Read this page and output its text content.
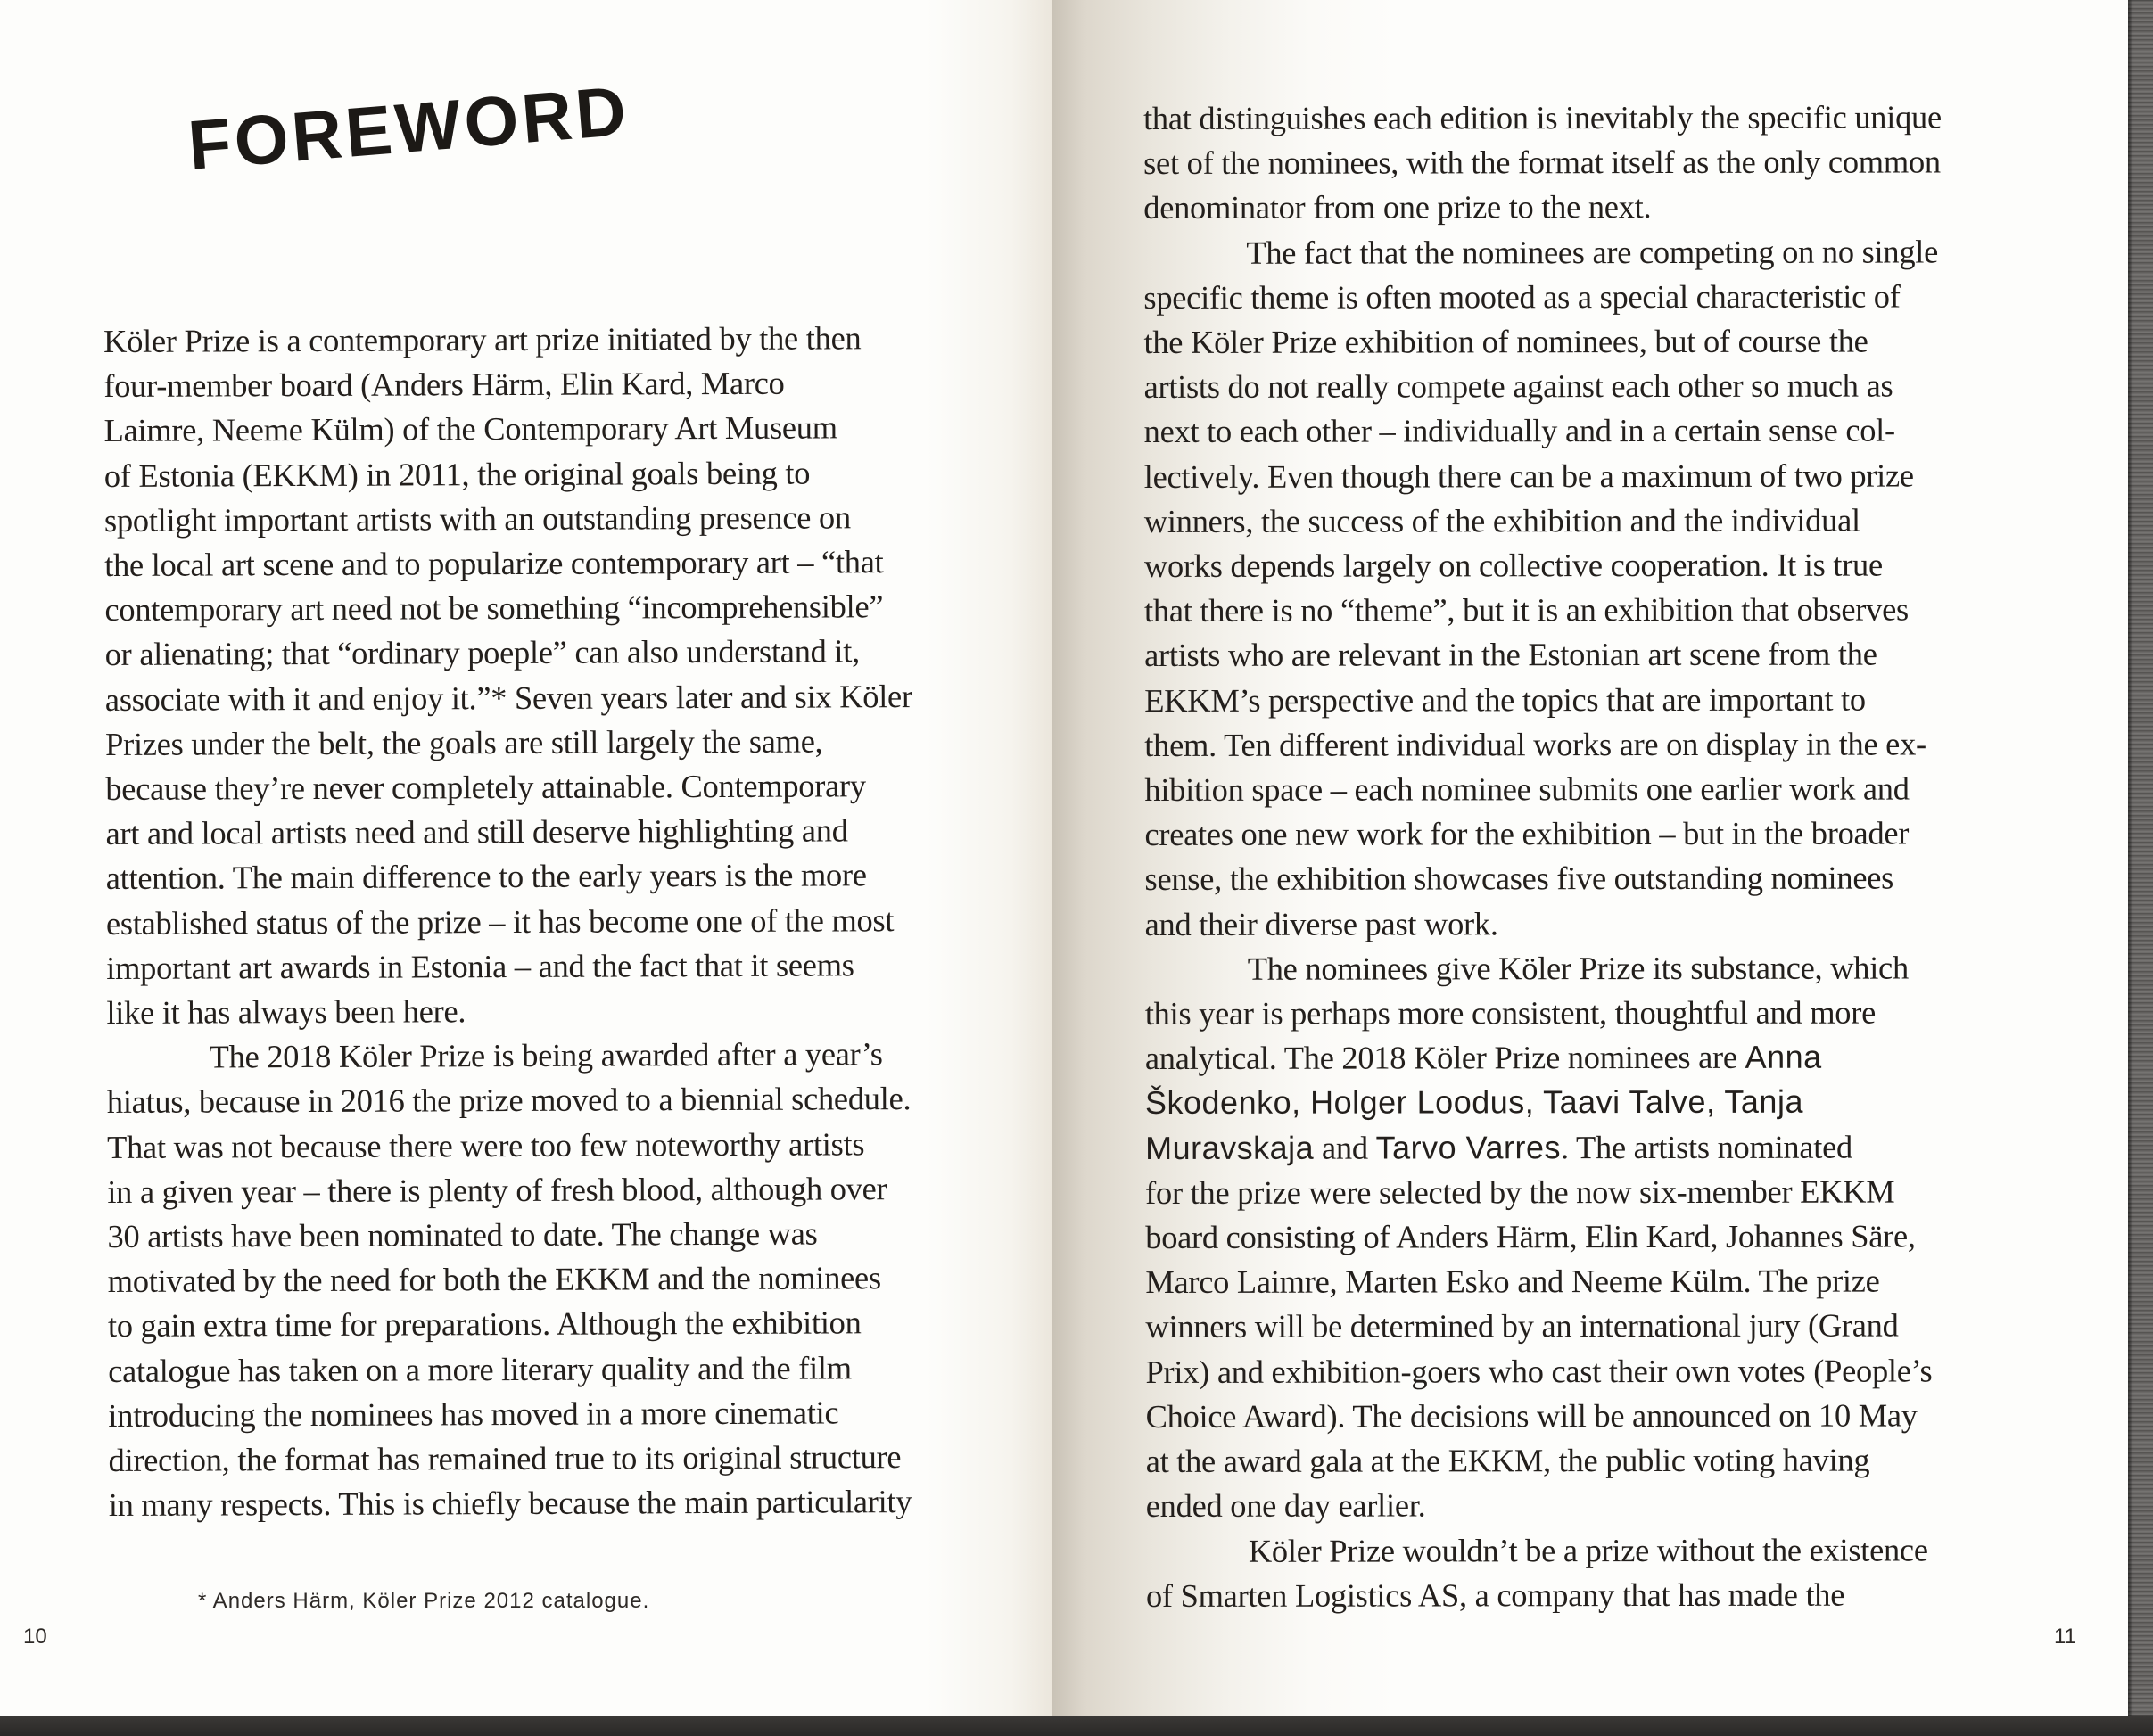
FOREWORD
Köler Prize is a contemporary art prize initiated by the then
four-member board (Anders Härm, Elin Kard, Marco
Laimre, Neeme Külm) of the Contemporary Art Museum
of Estonia (EKKM) in 2011, the original goals being to
spotlight important artists with an outstanding presence on
the local art scene and to popularize contemporary art – “that
contemporary art need not be something “incomprehensible”
or alienating; that “ordinary poeple” can also understand it,
associate with it and enjoy it.”* Seven years later and six Köler
Prizes under the belt, the goals are still largely the same,
because they’re never completely attainable. Contemporary
art and local artists need and still deserve highlighting and
attention. The main difference to the early years is the more
established status of the prize – it has become one of the most
important art awards in Estonia – and the fact that it seems
like it has always been here.
The 2018 Köler Prize is being awarded after a year’s
hiatus, because in 2016 the prize moved to a biennial schedule.
That was not because there were too few noteworthy artists
in a given year – there is plenty of fresh blood, although over
30 artists have been nominated to date. The change was
motivated by the need for both the EKKM and the nominees
to gain extra time for preparations. Although the exhibition
catalogue has taken on a more literary quality and the film
introducing the nominees has moved in a more cinematic
direction, the format has remained true to its original structure
in many respects. This is chiefly because the main particularity
* Anders Härm, Köler Prize 2012 catalogue.
10
that distinguishes each edition is inevitably the specific unique
set of the nominees, with the format itself as the only common
denominator from one prize to the next.
The fact that the nominees are competing on no single
specific theme is often mooted as a special characteristic of
the Köler Prize exhibition of nominees, but of course the
artists do not really compete against each other so much as
next to each other – individually and in a certain sense col-
lectively. Even though there can be a maximum of two prize
winners, the success of the exhibition and the individual
works depends largely on collective cooperation. It is true
that there is no “theme”, but it is an exhibition that observes
artists who are relevant in the Estonian art scene from the
EKKM’s perspective and the topics that are important to
them. Ten different individual works are on display in the ex-
hibition space – each nominee submits one earlier work and
creates one new work for the exhibition – but in the broader
sense, the exhibition showcases five outstanding nominees
and their diverse past work.
The nominees give Köler Prize its substance, which
this year is perhaps more consistent, thoughtful and more
analytical. The 2018 Köler Prize nominees are Anna
Škodenko, Holger Loodus, Taavi Talve, Tanja
Muravskaja and Tarvo Varres. The artists nominated
for the prize were selected by the now six-member EKKM
board consisting of Anders Härm, Elin Kard, Johannes Säre,
Marco Laimre, Marten Esko and Neeme Külm. The prize
winners will be determined by an international jury (Grand
Prix) and exhibition-goers who cast their own votes (People’s
Choice Award). The decisions will be announced on 10 May
at the award gala at the EKKM, the public voting having
ended one day earlier.
Köler Prize wouldn’t be a prize without the existence
of Smarten Logistics AS, a company that has made the
11
